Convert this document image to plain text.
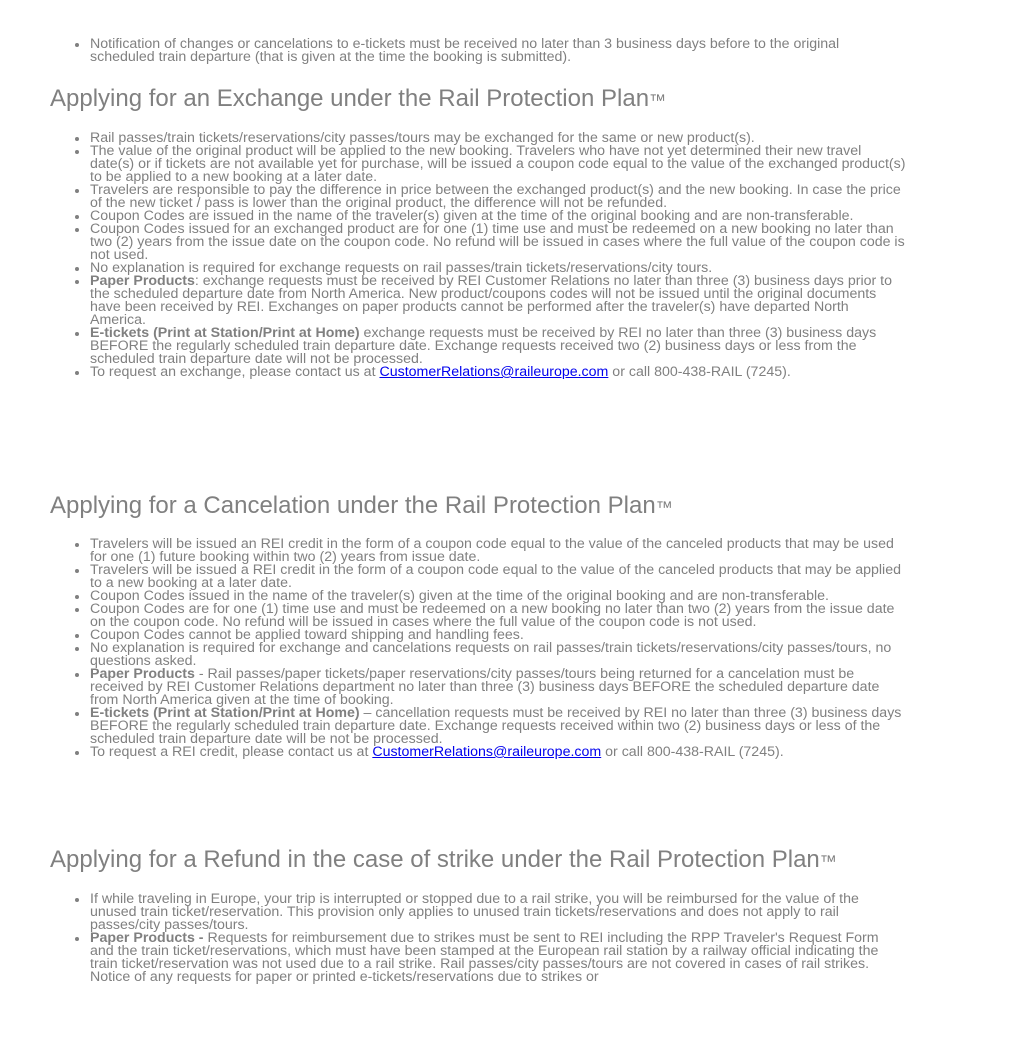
Notification of changes or cancelations to e-tickets must be received no later than 3 business days before to the original scheduled train departure (that is given at the time the booking is submitted).
Applying for an Exchange under the Rail Protection Plan™
Rail passes/train tickets/reservations/city passes/tours may be exchanged for the same or new product(s).
The value of the original product will be applied to the new booking. Travelers who have not yet determined their new travel date(s) or if tickets are not available yet for purchase, will be issued a coupon code equal to the value of the exchanged product(s) to be applied to a new booking at a later date.
Travelers are responsible to pay the difference in price between the exchanged product(s) and the new booking. In case the price of the new ticket / pass is lower than the original product, the difference will not be refunded.
Coupon Codes are issued in the name of the traveler(s) given at the time of the original booking and are non-transferable.
Coupon Codes issued for an exchanged product are for one (1) time use and must be redeemed on a new booking no later than two (2) years from the issue date on the coupon code. No refund will be issued in cases where the full value of the coupon code is not used.
No explanation is required for exchange requests on rail passes/train tickets/reservations/city tours.
Paper Products: exchange requests must be received by REI Customer Relations no later than three (3) business days prior to the scheduled departure date from North America. New product/coupons codes will not be issued until the original documents have been received by REI. Exchanges on paper products cannot be performed after the traveler(s) have departed North America.
E-tickets (Print at Station/Print at Home) exchange requests must be received by REI no later than three (3) business days BEFORE the regularly scheduled train departure date. Exchange requests received two (2) business days or less from the scheduled train departure date will not be processed.
To request an exchange, please contact us at CustomerRelations@raileurope.com or call 800-438-RAIL (7245).
Applying for a Cancelation under the Rail Protection Plan™
Travelers will be issued an REI credit in the form of a coupon code equal to the value of the canceled products that may be used for one (1) future booking within two (2) years from issue date.
Travelers will be issued a REI credit in the form of a coupon code equal to the value of the canceled products that may be applied to a new booking at a later date.
Coupon Codes issued in the name of the traveler(s) given at the time of the original booking and are non-transferable.
Coupon Codes are for one (1) time use and must be redeemed on a new booking no later than two (2) years from the issue date on the coupon code. No refund will be issued in cases where the full value of the coupon code is not used.
Coupon Codes cannot be applied toward shipping and handling fees.
No explanation is required for exchange and cancelations requests on rail passes/train tickets/reservations/city passes/tours, no questions asked.
Paper Products - Rail passes/paper tickets/paper reservations/city passes/tours being returned for a cancelation must be received by REI Customer Relations department no later than three (3) business days BEFORE the scheduled departure date from North America given at the time of booking.
E-tickets (Print at Station/Print at Home) – cancellation requests must be received by REI no later than three (3) business days BEFORE the regularly scheduled train departure date. Exchange requests received within two (2) business days or less of the scheduled train departure date will be not be processed.
To request a REI credit, please contact us at CustomerRelations@raileurope.com or call 800-438-RAIL (7245).
Applying for a Refund in the case of strike under the Rail Protection Plan™
If while traveling in Europe, your trip is interrupted or stopped due to a rail strike, you will be reimbursed for the value of the unused train ticket/reservation. This provision only applies to unused train tickets/reservations and does not apply to rail passes/city passes/tours.
Paper Products - Requests for reimbursement due to strikes must be sent to REI including the RPP Traveler's Request Form and the train ticket/reservations, which must have been stamped at the European rail station by a railway official indicating the train ticket/reservation was not used due to a rail strike. Rail passes/city passes/tours are not covered in cases of rail strikes. Notice of any requests for paper or printed e-tickets/reservations due to strikes or
